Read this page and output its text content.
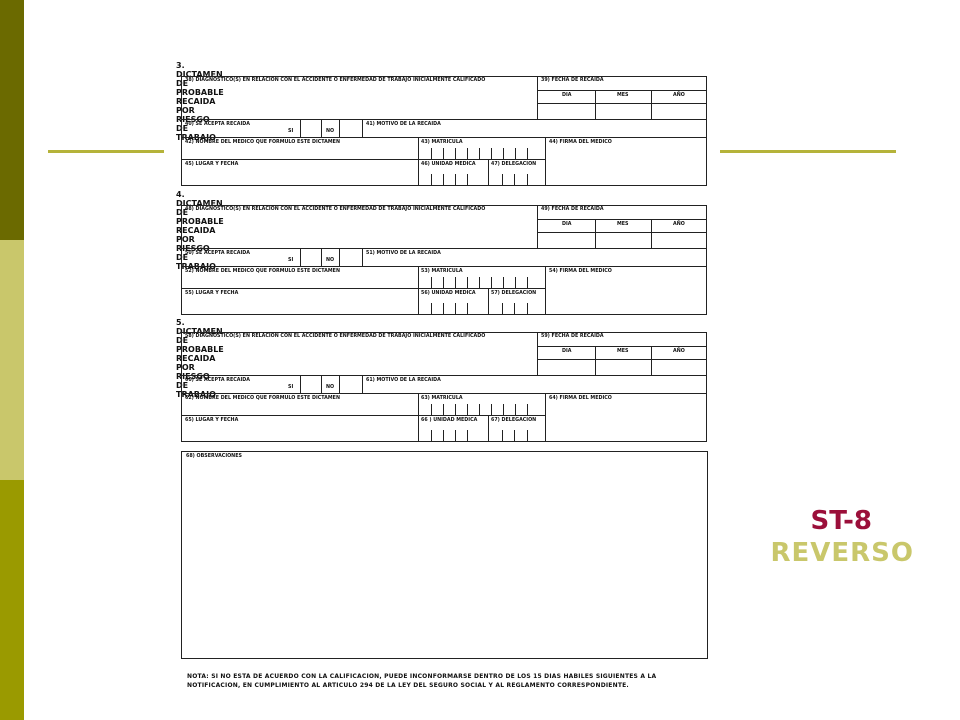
ST-8
REVERSO
3. DICTAMEN DE PROBABLE RECAIDA POR RIESGO DE TRABAJO
38) DIAGNOSTICO(S) EN RELACION CON EL ACCIDENTE O ENFERMEDAD DE TRABAJO INICIALMENTE CALIFICADO	39) FECHA DE RECAIDA
DIA	MES	AÑO
40) SE ACEPTA RECAIDA
SI	NO
41) MOTIVO DE LA RECAIDA
42) NOMBRE DEL MEDICO QUE FORMULO ESTE DICTAMEN	43) MATRICULA	44) FIRMA DEL MEDICO
45) LUGAR Y FECHA	46) UNIDAD MEDICA	47) DELEGACION
4. DICTAMEN DE PROBABLE RECAIDA POR RIESGO DE TRABAJO
48) DIAGNOSTICO(S) EN RELACION CON EL ACCIDENTE O ENFERMEDAD DE TRABAJO INICIALMENTE CALIFICADO	49) FECHA DE RECAIDA
DIA	MES	AÑO
50) SE ACEPTA RECAIDA
SI	NO
51) MOTIVO DE LA RECAIDA
52) NOMBRE DEL MEDICO QUE FORMULO ESTE DICTAMEN	53) MATRICULA	54) FIRMA DEL MEDICO
55) LUGAR Y FECHA	56) UNIDAD MEDICA	57) DELEGACION
5. DICTAMEN DE PROBABLE RECAIDA POR RIESGO DE TRABAJO
58) DIAGNOSTICO(S) EN RELACION CON EL ACCIDENTE O ENFERMEDAD DE TRABAJO INICIALMENTE CALIFICADO	59) FECHA DE RECAIDA
DIA	MES	AÑO
60) SE ACEPTA RECAIDA
SI	NO
61) MOTIVO DE LA RECAIDA
62) NOMBRE DEL MEDICO QUE FORMULO ESTE DICTAMEN	63) MATRICULA	64) FIRMA DEL MEDICO
65) LUGAR Y FECHA	66 ) UNIDAD MEDICA	67) DELEGACION
68) OBSERVACIONES
NOTA: SI NO ESTA DE ACUERDO CON LA CALIFICACION, PUEDE INCONFORMARSE DENTRO DE LOS 15 DIAS HABILES SIGUIENTES A LA NOTIFICACION, EN CUMPLIMIENTO AL ARTICULO 294 DE LA LEY DEL SEGURO SOCIAL Y AL REGLAMENTO CORRESPONDIENTE.
